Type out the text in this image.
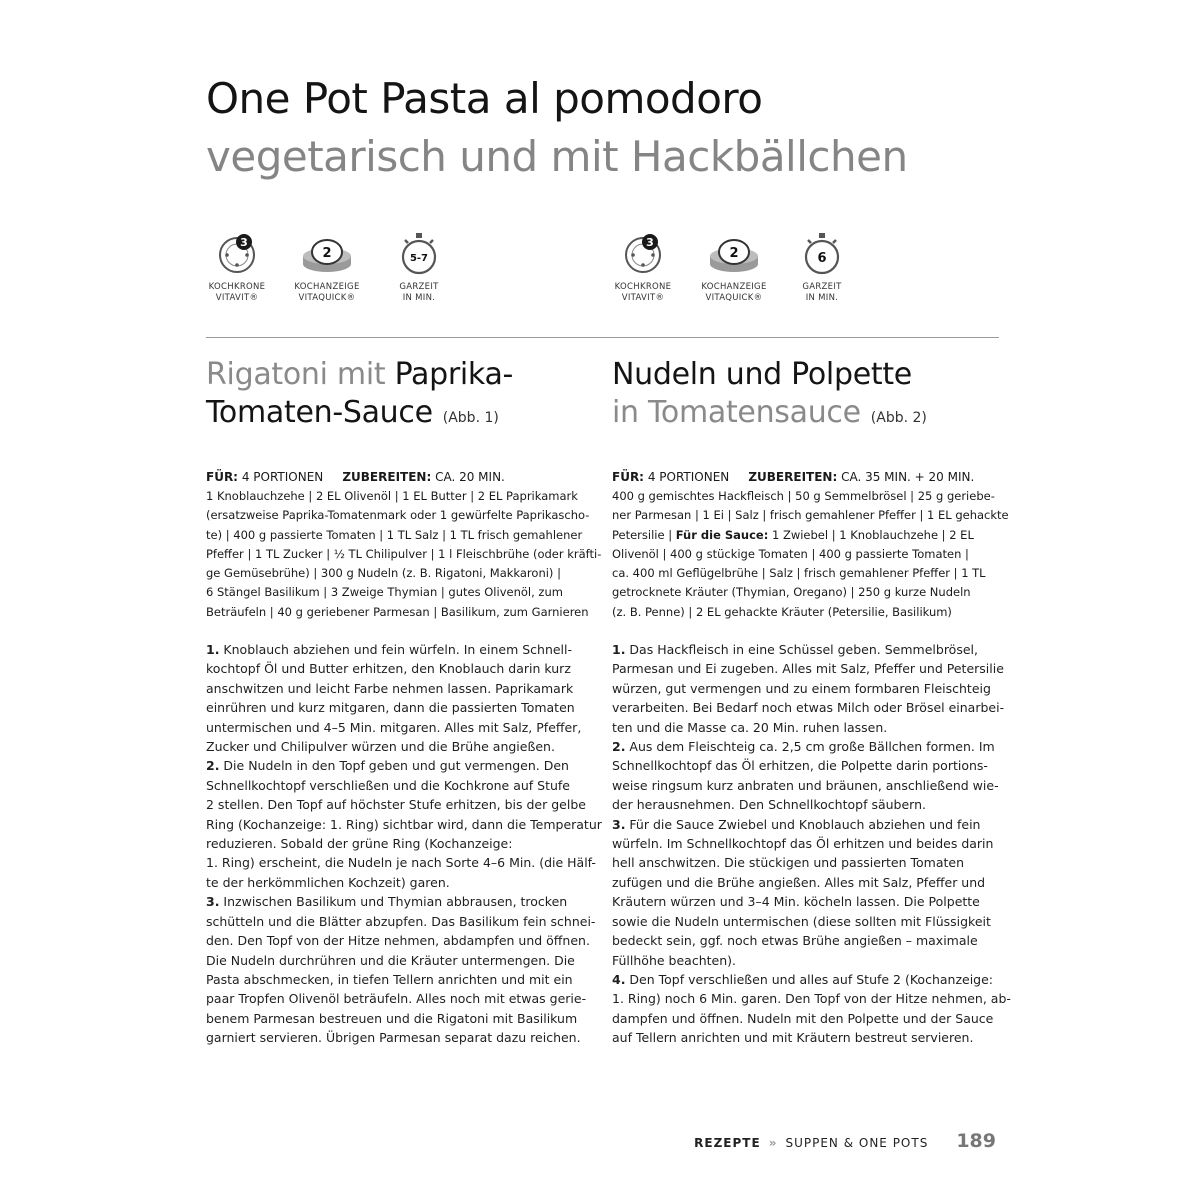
One Pot Pasta al pomodoro
vegetarisch und mit Hackbällchen
3
KOCHKRONE
VITAVIT®
2
KOCHANZEIGE
VITAQUICK®
5-7
GARZEIT
IN MIN.
Rigatoni mit Paprika-
Tomaten-Sauce (Abb. 1)
FÜR: 4 PORTIONEN ZUBEREITEN: CA. 20 MIN.
1 Knoblauchzehe | 2 EL Olivenöl | 1 EL Butter | 2 EL Paprikamark
(ersatzweise Paprika-Tomatenmark oder 1 gewürfelte Paprikascho-
te) | 400 g passierte Tomaten | 1 TL Salz | 1 TL frisch gemahlener
Pfeffer | 1 TL Zucker | ½ TL Chilipulver | 1 l Fleischbrühe (oder kräfti-
ge Gemüsebrühe) | 300 g Nudeln (z. B. Rigatoni, Makkaroni) |
6 Stängel Basilikum | 3 Zweige Thymian | gutes Olivenöl, zum
Beträufeln | 40 g geriebener Parmesan | Basilikum, zum Garnieren
1. Knoblauch abziehen und fein würfeln. In einem Schnell-
kochtopf Öl und Butter erhitzen, den Knoblauch darin kurz
anschwitzen und leicht Farbe nehmen lassen. Paprikamark
einrühren und kurz mitgaren, dann die passierten Tomaten
untermischen und 4–5 Min. mitgaren. Alles mit Salz, Pfeffer,
Zucker und Chilipulver würzen und die Brühe angießen.
2. Die Nudeln in den Topf geben und gut vermengen. Den
Schnellkochtopf verschließen und die Kochkrone auf Stufe
2 stellen. Den Topf auf höchster Stufe erhitzen, bis der gelbe
Ring (Kochanzeige: 1. Ring) sichtbar wird, dann die Temperatur
reduzieren. Sobald der grüne Ring (Kochanzeige:
1. Ring) erscheint, die Nudeln je nach Sorte 4–6 Min. (die Hälf-
te der herkömmlichen Kochzeit) garen.
3. Inzwischen Basilikum und Thymian abbrausen, trocken
schütteln und die Blätter abzupfen. Das Basilikum fein schnei-
den. Den Topf von der Hitze nehmen, abdampfen und öffnen.
Die Nudeln durchrühren und die Kräuter untermengen. Die
Pasta abschmecken, in tiefen Tellern anrichten und mit ein
paar Tropfen Olivenöl beträufeln. Alles noch mit etwas gerie-
benem Parmesan bestreuen und die Rigatoni mit Basilikum
garniert servieren. Übrigen Parmesan separat dazu reichen.
3
KOCHKRONE
VITAVIT®
2
KOCHANZEIGE
VITAQUICK®
6
GARZEIT
IN MIN.
Nudeln und Polpette
in Tomatensauce (Abb. 2)
FÜR: 4 PORTIONEN ZUBEREITEN: CA. 35 MIN. + 20 MIN.
400 g gemischtes Hackfleisch | 50 g Semmelbrösel | 25 g geriebe-
ner Parmesan | 1 Ei | Salz | frisch gemahlener Pfeffer | 1 EL gehackte
Petersilie | Für die Sauce: 1 Zwiebel | 1 Knoblauchzehe | 2 EL
Olivenöl | 400 g stückige Tomaten | 400 g passierte Tomaten |
ca. 400 ml Geflügelbrühe | Salz | frisch gemahlener Pfeffer | 1 TL
getrocknete Kräuter (Thymian, Oregano) | 250 g kurze Nudeln
(z. B. Penne) | 2 EL gehackte Kräuter (Petersilie, Basilikum)
1. Das Hackfleisch in eine Schüssel geben. Semmelbrösel,
Parmesan und Ei zugeben. Alles mit Salz, Pfeffer und Petersilie
würzen, gut vermengen und zu einem formbaren Fleischteig
verarbeiten. Bei Bedarf noch etwas Milch oder Brösel einarbei-
ten und die Masse ca. 20 Min. ruhen lassen.
2. Aus dem Fleischteig ca. 2,5 cm große Bällchen formen. Im
Schnellkochtopf das Öl erhitzen, die Polpette darin portions-
weise ringsum kurz anbraten und bräunen, anschließend wie-
der herausnehmen. Den Schnellkochtopf säubern.
3. Für die Sauce Zwiebel und Knoblauch abziehen und fein
würfeln. Im Schnellkochtopf das Öl erhitzen und beides darin
hell anschwitzen. Die stückigen und passierten Tomaten
zufügen und die Brühe angießen. Alles mit Salz, Pfeffer und
Kräutern würzen und 3–4 Min. köcheln lassen. Die Polpette
sowie die Nudeln untermischen (diese sollten mit Flüssigkeit
bedeckt sein, ggf. noch etwas Brühe angießen – maximale
Füllhöhe beachten).
4. Den Topf verschließen und alles auf Stufe 2 (Kochanzeige:
1. Ring) noch 6 Min. garen. Den Topf von der Hitze nehmen, ab-
dampfen und öffnen. Nudeln mit den Polpette und der Sauce
auf Tellern anrichten und mit Kräutern bestreut servieren.
REZEPTE » SUPPEN & ONE POTS 189
